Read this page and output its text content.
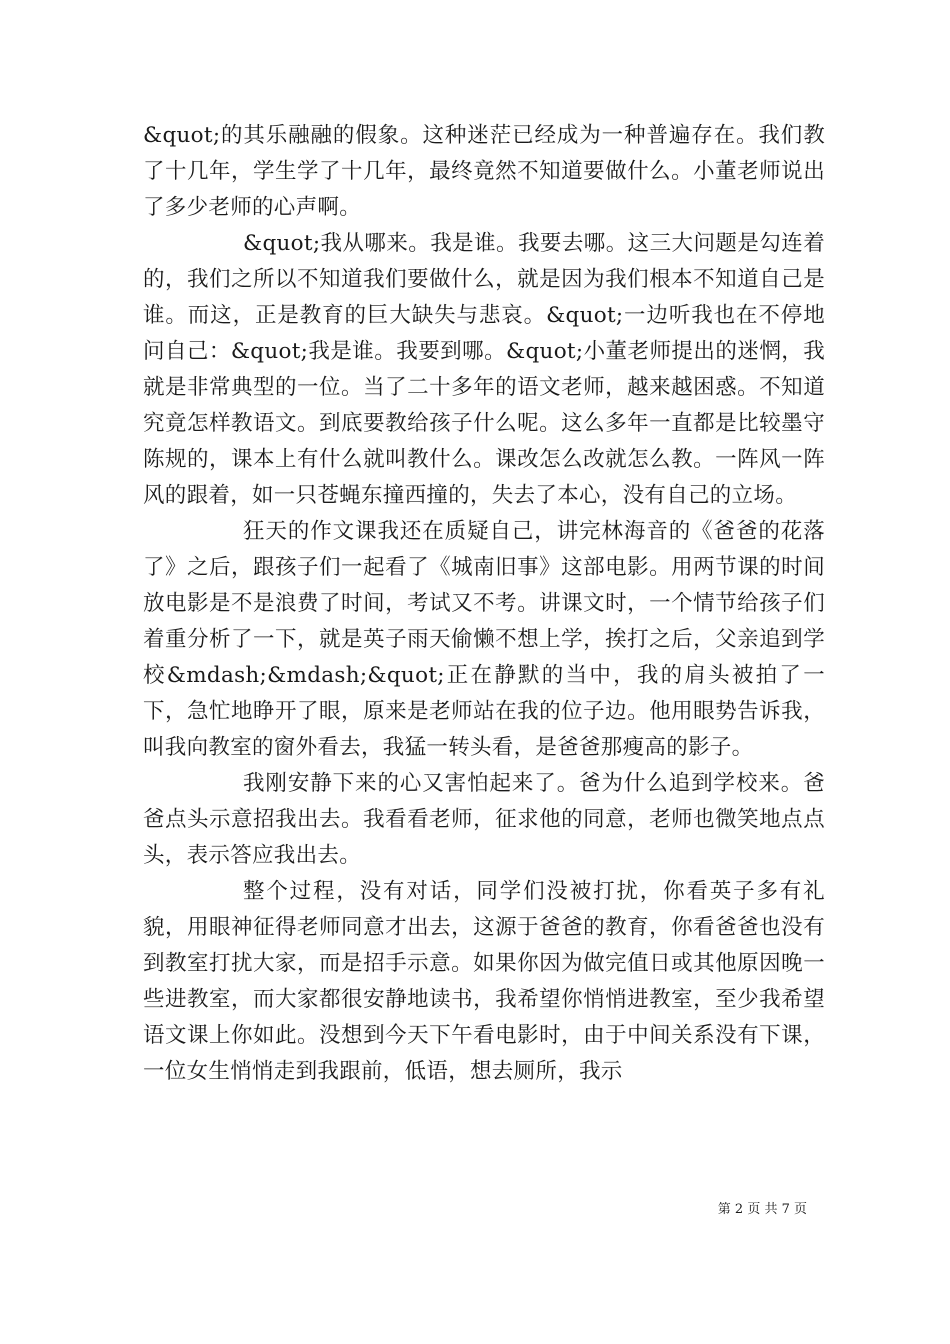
&quot;的其乐融融的假象。这种迷茫已经成为一种普遍存在。我们教了十几年，学生学了十几年，最终竟然不知道要做什么。小董老师说出了多少老师的心声啊。

&quot;我从哪来。我是谁。我要去哪。这三大问题是勾连着的，我们之所以不知道我们要做什么，就是因为我们根本不知道自己是谁。而这，正是教育的巨大缺失与悲哀。&quot;一边听我也在不停地问自己：&quot;我是谁。我要到哪。&quot;小董老师提出的迷惘，我就是非常典型的一位。当了二十多年的语文老师，越来越困惑。不知道究竟怎样教语文。到底要教给孩子什么呢。这么多年一直都是比较墨守陈规的，课本上有什么就叫教什么。课改怎么改就怎么教。一阵风一阵风的跟着，如一只苍蝇东撞西撞的，失去了本心，没有自己的立场。

狂天的作文课我还在质疑自己，讲完林海音的《爸爸的花落了》之后，跟孩子们一起看了《城南旧事》这部电影。用两节课的时间放电影是不是浪费了时间，考试又不考。讲课文时，一个情节给孩子们着重分析了一下，就是英子雨天偷懒不想上学，挨打之后，父亲追到学校&mdash;&mdash;&quot;正在静默的当中，我的肩头被拍了一下，急忙地睁开了眼，原来是老师站在我的位子边。他用眼势告诉我，叫我向教室的窗外看去，我猛一转头看，是爸爸那瘦高的影子。

我刚安静下来的心又害怕起来了。爸为什么追到学校来。爸爸点头示意招我出去。我看看老师，征求他的同意，老师也微笑地点点头，表示答应我出去。

整个过程，没有对话，同学们没被打扰，你看英子多有礼貌，用眼神征得老师同意才出去，这源于爸爸的教育，你看爸爸也没有到教室打扰大家，而是招手示意。如果你因为做完值日或其他原因晚一些进教室，而大家都很安静地读书，我希望你悄悄进教室，至少我希望语文课上你如此。没想到今天下午看电影时，由于中间关系没有下课，一位女生悄悄走到我跟前，低语，想去厕所，我示

第 2 页 共 7 页
